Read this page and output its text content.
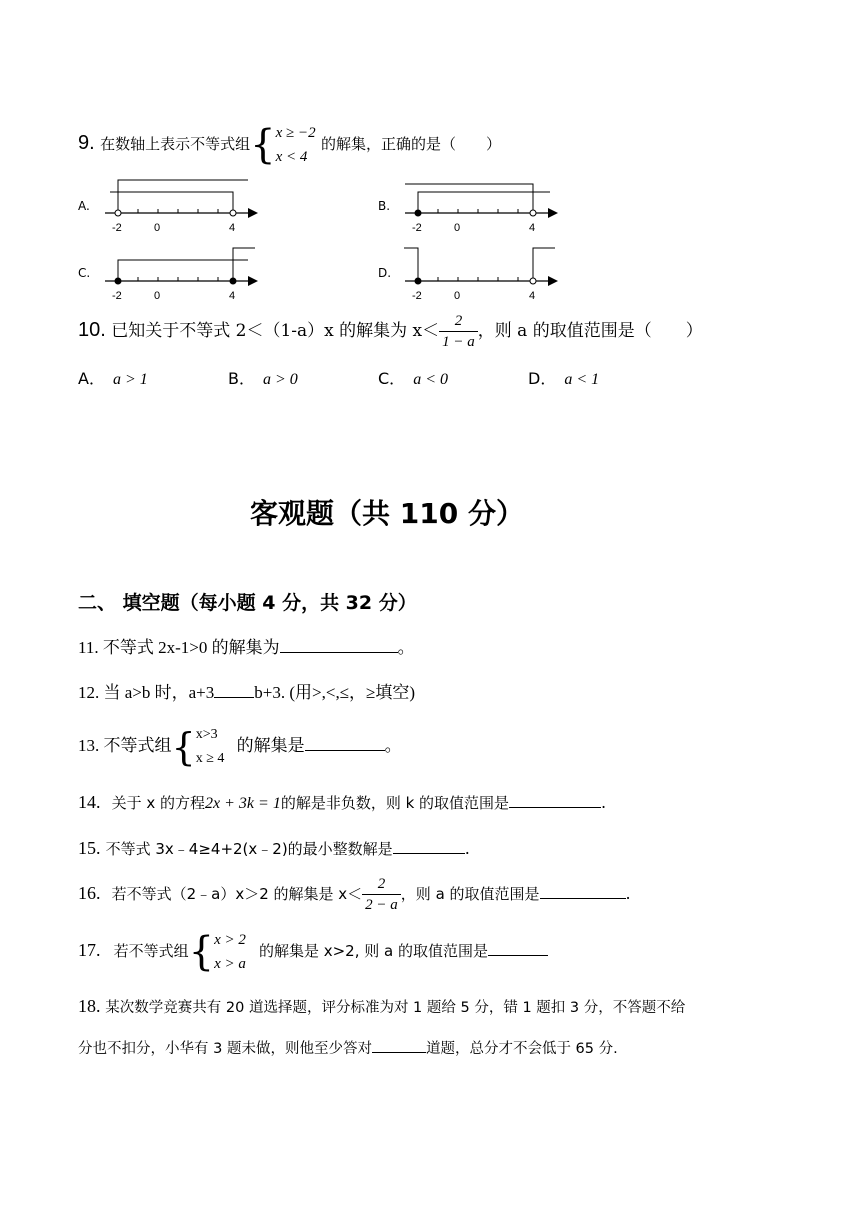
9. 在数轴上表示不等式组{ x ≥ −2
x < 4
的解集，正确的是（　　）
A.	B.
C.	D.
-2	0	4	-2	0	4
-2	0	4	-2	0	4
10. 已知关于不等式 2＜（1-a）x 的解集为 $x< \frac{2}{1 - a}$ ，则 a 的取值范围是（　　）
A． a > 1	B． a > 0	C． a < 0	D． a < 1
客观题（共 110 分）
二、 填空题（每小题 4 分，共 32 分）
11. 不等式 2x-1>0 的解集为	。
12. 当 a>b 时，a+3 b+3. (用>,<,≤，≥填空)
13. 不等式组{ x>3
x ≥ 4
的解集是	。
14. 关于 x 的方程2x + 3k = 1的解是非负数，则 k 的取值范围是	.
15. 不等式 3x﹣4≥4+2(x﹣2)的最小整数解是	.
16. 若不等式（2﹣a）x＞2 的解集是 $x< \frac{2}{2 - a}$ ，则 a 的取值范围是	.
17. 若不等式组{ x > 2
x > a
的解集是 x>2, 则 a 的取值范围是
18. 某次数学竞赛共有 20 道选择题，评分标准为对 1 题给 5 分，错 1 题扣 3 分，不答题不给
分也不扣分，小华有 3 题未做，则他至少答对	道题，总分才不会低于 65 分.
